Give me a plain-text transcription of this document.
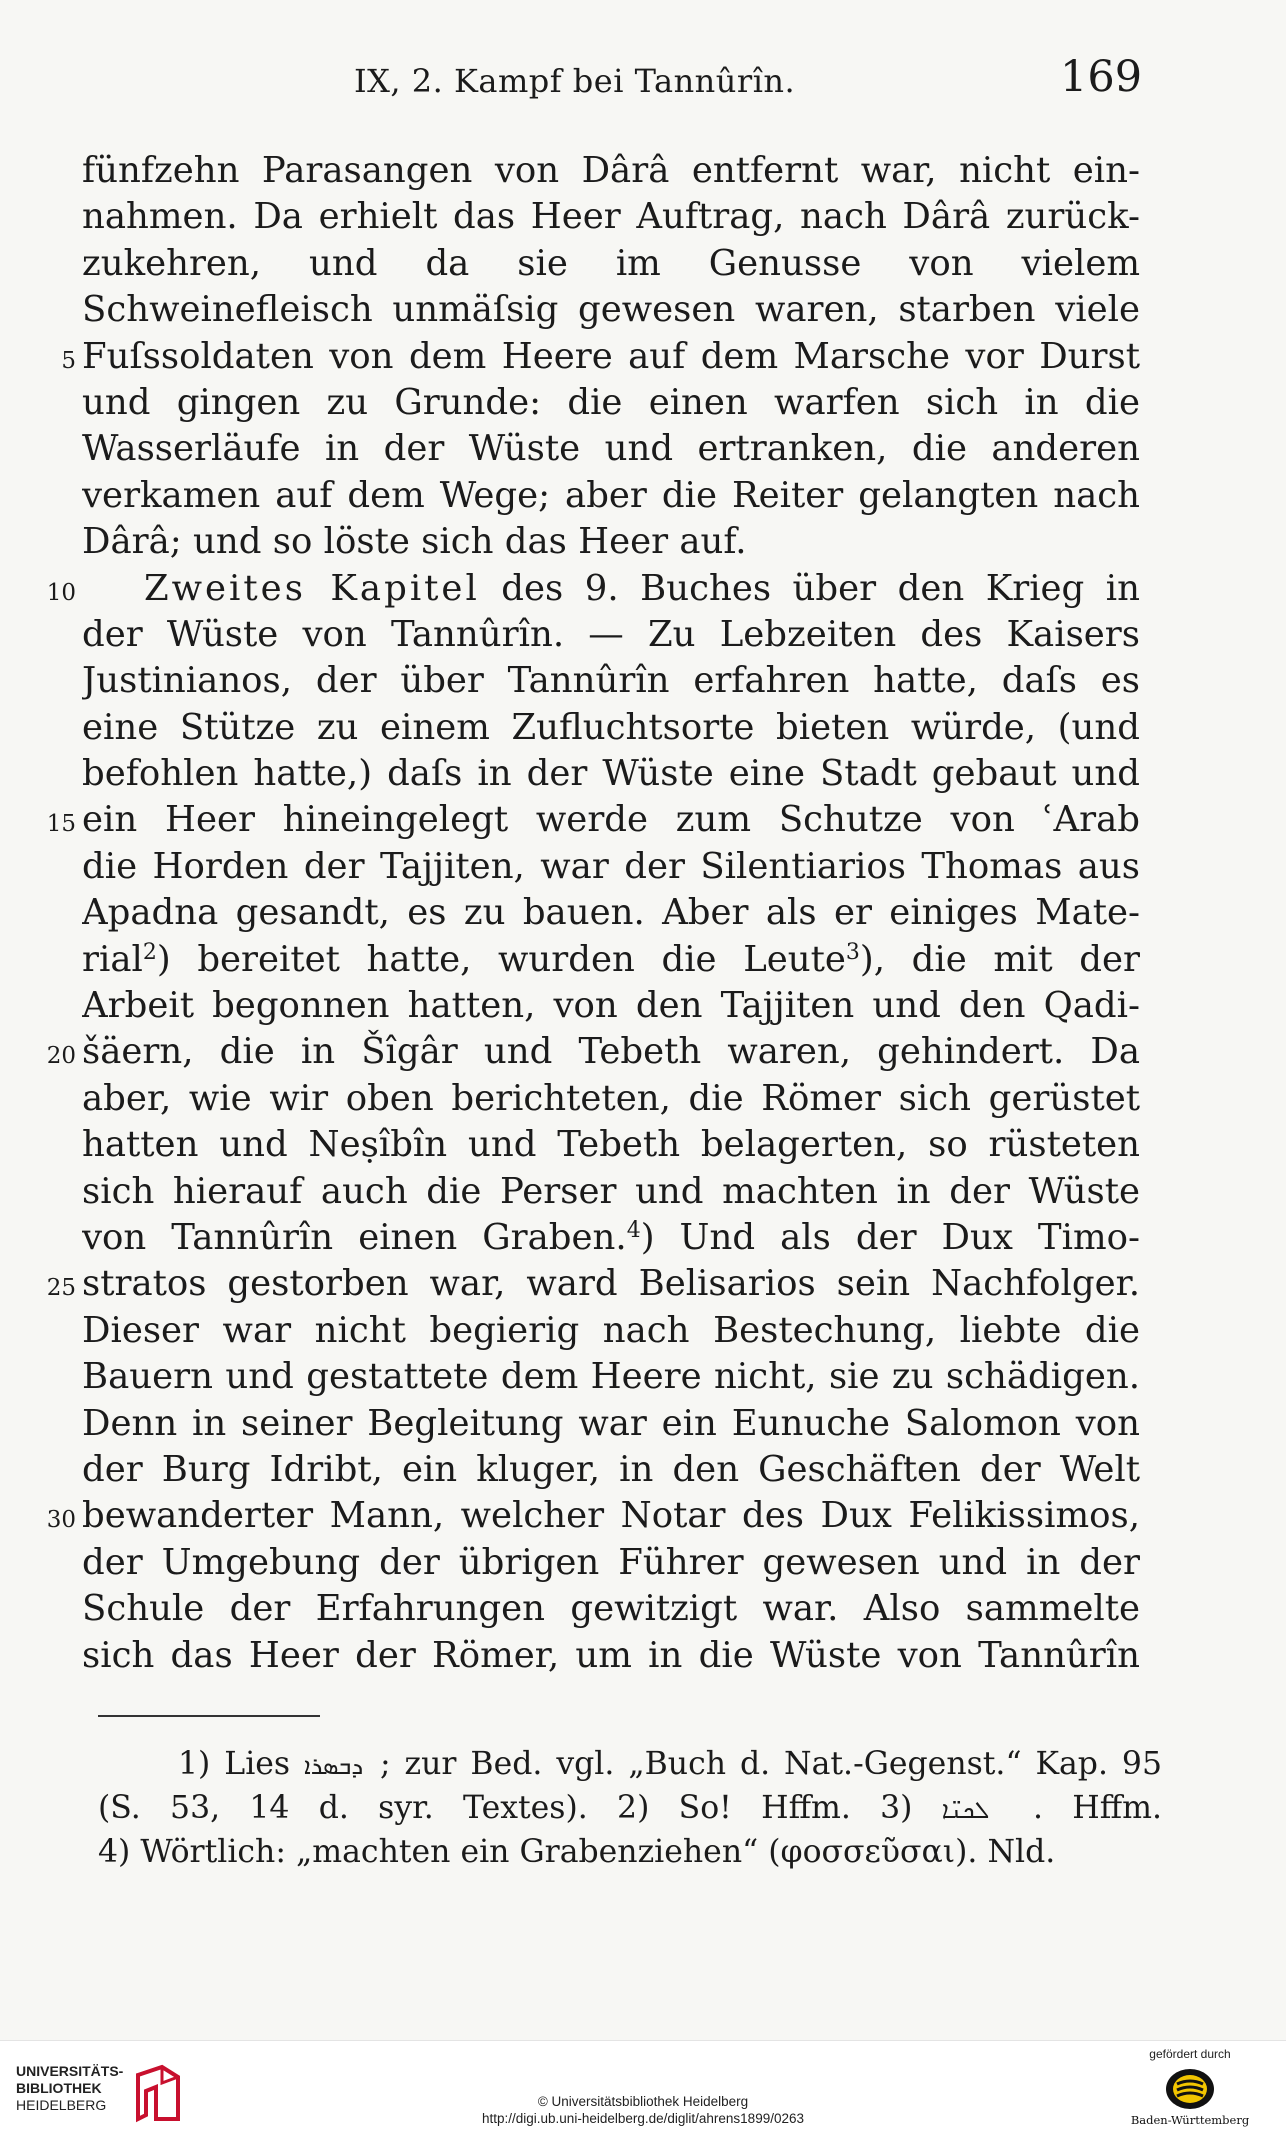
IX, 2. Kampf bei Tannûrîn.	169
fünfzehn Parasangen von Dârâ entfernt war, nicht ein-
nahmen. Da erhielt das Heer Auftrag, nach Dârâ zurück-
zukehren, und da sie im Genusse von vielem
Schweinefleisch unmäſsig gewesen waren, starben viele
5 Fuſssoldaten von dem Heere auf dem Marsche vor Durst
und gingen zu Grunde: die einen warfen sich in die
Wasserläufe in der Wüste und ertranken, die anderen
verkamen auf dem Wege; aber die Reiter gelangten nach
Dârâ; und so löste sich das Heer auf.
10	Zweites Kapitel des 9. Buches über den Krieg in
der Wüste von Tannûrîn. — Zu Lebzeiten des Kaisers
Justinianos, der über Tannûrîn erfahren hatte, daſs es
eine Stütze zu einem Zufluchtsorte bieten würde, (und
befohlen hatte,) daſs in der Wüste eine Stadt gebaut und
15 ein Heer hineingelegt werde zum Schutze von ʿArab
die Horden der Tajjiten, war der Silentiarios Thomas aus
Apadna gesandt, es zu bauen. Aber als er einiges Mate-
rial$^2$) bereitet hatte, wurden die Leute$^3$), die mit der
Arbeit begonnen hatten, von den Tajjiten und den Qadi-
20 šäern, die in Šîgâr und Tebeth waren, gehindert. Da
aber, wie wir oben berichteten, die Römer sich gerüstet
hatten und Neṣîbîn und Tebeth belagerten, so rüsteten
sich hierauf auch die Perser und machten in der Wüste
von Tannûrîn einen Graben.$^4$) Und als der Dux Timo-
25 stratos gestorben war, ward Belisarios sein Nachfolger.
Dieser war nicht begierig nach Bestechung, liebte die
Bauern und gestattete dem Heere nicht, sie zu schädigen.
Denn in seiner Begleitung war ein Eunuche Salomon von
der Burg Idribt, ein kluger, in den Geschäften der Welt
30 bewanderter Mann, welcher Notar des Dux Felikissimos,
der Umgebung der übrigen Führer gewesen und in der
Schule der Erfahrungen gewitzigt war. Also sammelte
sich das Heer der Römer, um in die Wüste von Tannûrîn
1) Lies ܕܒܣܪܐ ; zur Bed. vgl. „Buch d. Nat.-Gegenst.“ Kap. 95
(S. 53, 14 d. syr. Textes). 2) So! Hffm. 3) ܠܟܢ̈ܐ . Hffm.
4) Wörtlich: „machten ein Grabenziehen“ (φοσσεῦσαι). Nld.
UNIVERSITÄTS-
BIBLIOTHEK
HEIDELBERG	© Universitätsbibliothek Heidelberg
http://digi.ub.uni-heidelberg.de/diglit/ahrens1899/0263
gefördert durch
Baden-Württemberg
